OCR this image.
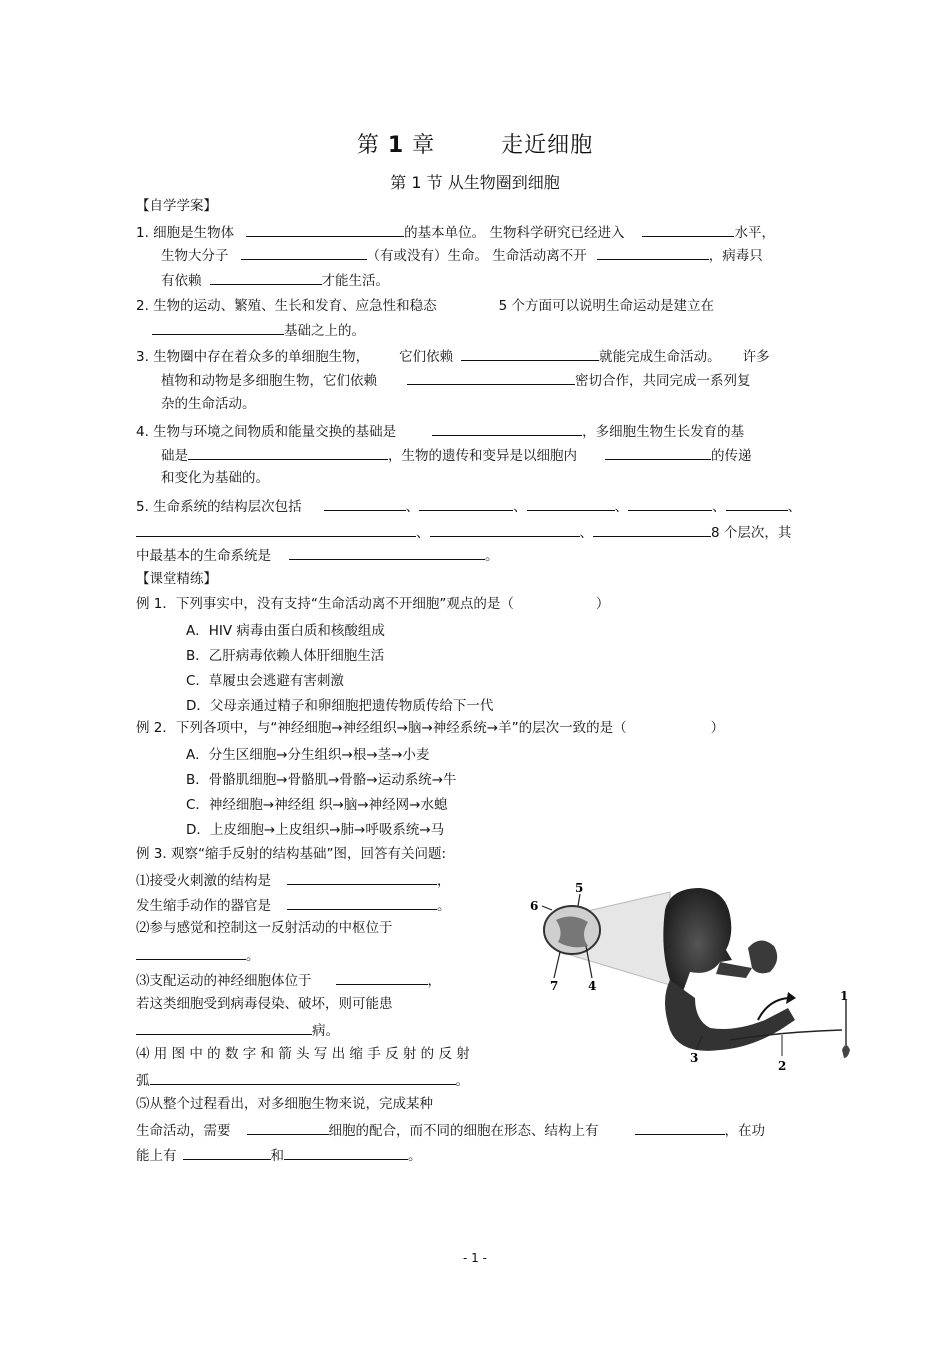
第 1 章	走近细胞
第 1 节 从生物圈到细胞
【自学学案】
1. 细胞是生物体	的基本单位。 生物科学研究已经进入	水平，
生物大分子	（有或没有）生命。 生命活动离不开	，病毒只
有依赖	才能生活。
2. 生物的运动、繁殖、生长和发育、应急性和稳态	5 个方面可以说明生命运动是建立在
基础之上的。
3. 生物圈中存在着众多的单细胞生物， 它们依赖	就能完成生命活动。 许多
植物和动物是多细胞生物，它们依赖	密切合作，共同完成一系列复
杂的生命活动。
4. 生物与环境之间物质和能量交换的基础是	，多细胞生物生长发育的基
础是	，生物的遗传和变异是以细胞内	的传递
和变化为基础的。
5. 生命系统的结构层次包括	、	、	、	、	、
、	、	8 个层次，其
中最基本的生命系统是	。
【课堂精练】
例 1．下列事实中，没有支持“生命活动离不开细胞”观点的是（	）
A．HIV 病毒由蛋白质和核酸组成
B．乙肝病毒依赖人体肝细胞生活
C．草履虫会逃避有害刺激
D．父母亲通过精子和卵细胞把遗传物质传给下一代
例 2．下列各项中，与“神经细胞→神经组织→脑→神经系统→羊”的层次一致的是（	）
A．分生区细胞→分生组织→根→茎→小麦
B．骨骼肌细胞→骨骼肌→骨骼→运动系统→牛
C．神经细胞→神经组 织→脑→神经网→水螅
D．上皮细胞→上皮组织→肺→呼吸系统→马
例 3. 观察“缩手反射的结构基础”图，回答有关问题:
⑴接受火刺激的结构是	，
发生缩手动作的器官是	。
⑵参与感觉和控制这一反射活动的中枢位于
。
⑶支配运动的神经细胞体位于	，
若这类细胞受到病毒侵染、破坏，则可能患
病。
⑷ 用 图 中 的 数 字 和 箭 头 写 出 缩 手 反 射 的 反 射
弧	。
⑸从整个过程看出，对多细胞生物来说，完成某种
生命活动，需要	细胞的配合，而不同的细胞在形态、结构上有	，在功
能上有	和	。
1
2
3
4
5
6
7
- 1 -
